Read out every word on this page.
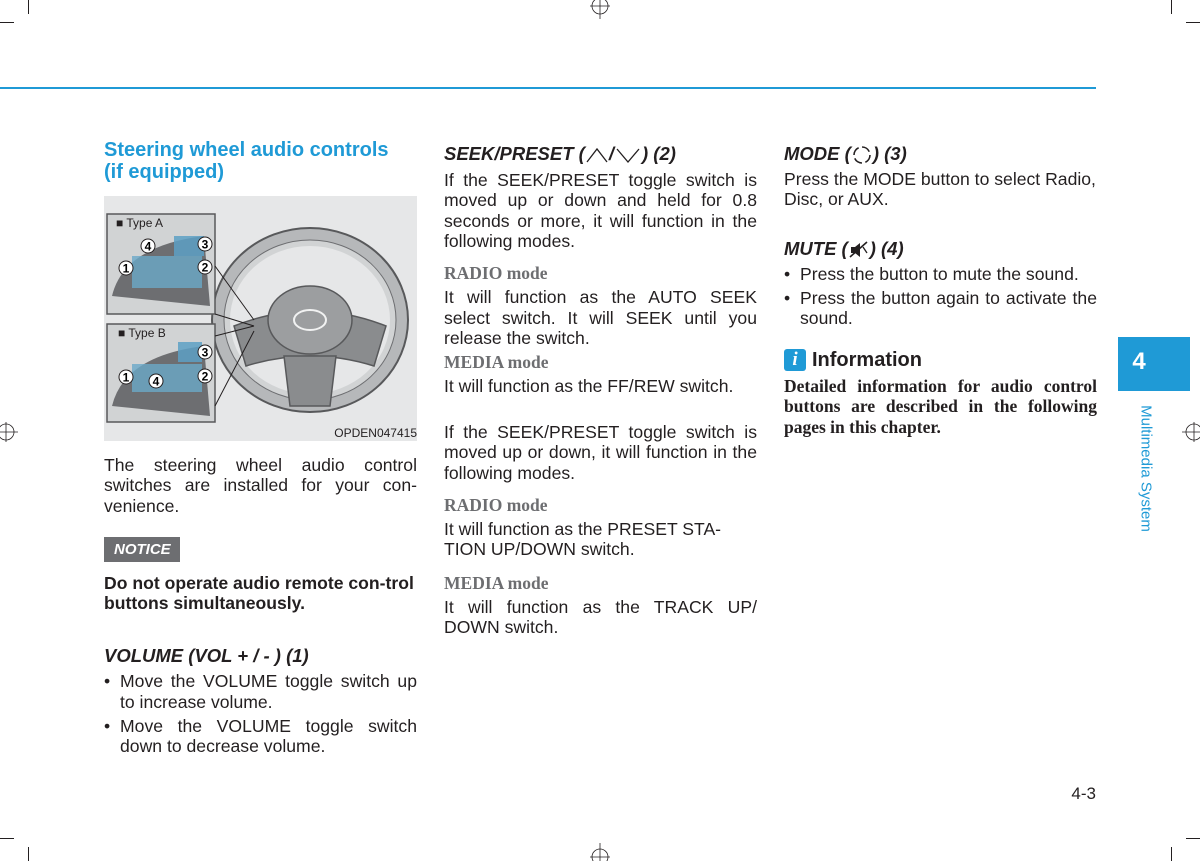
Steering wheel audio controls
(if equipped)
3
4
1	2
3
1 4	2
■ Type A
■ Type B
OPDEN047415

The steering wheel audio control switches are installed for your con-venience.

NOTICE

Do not operate audio remote con-trol buttons simultaneously.

VOLUME (VOL + / - ) (1)
• Move the VOLUME toggle switch up to increase volume.
• Move the VOLUME toggle switch down to decrease volume.
SEEK/PRESET ( / ) (2)

If the SEEK/PRESET toggle switch is moved up or down and held for 0.8 seconds or more, it will function in the following modes.

RADIO mode

It will function as the AUTO SEEK select switch. It will SEEK until you release the switch.

MEDIA mode

It will function as the FF/REW switch.

If the SEEK/PRESET toggle switch is moved up or down, it will function in the following modes.

RADIO mode

It will function as the PRESET STA-TION UP/DOWN switch.

MEDIA mode

It will function as the TRACK UP/ DOWN switch.

MODE ( ) (3)

Press the MODE button to select Radio, Disc, or AUX.

MUTE ( ) (4)
• Press the button to mute the sound.
• Press the button again to activate the sound.
i Information

Detailed information for audio control buttons are described in the following pages in this chapter.

4
Multimedia System
4-3
